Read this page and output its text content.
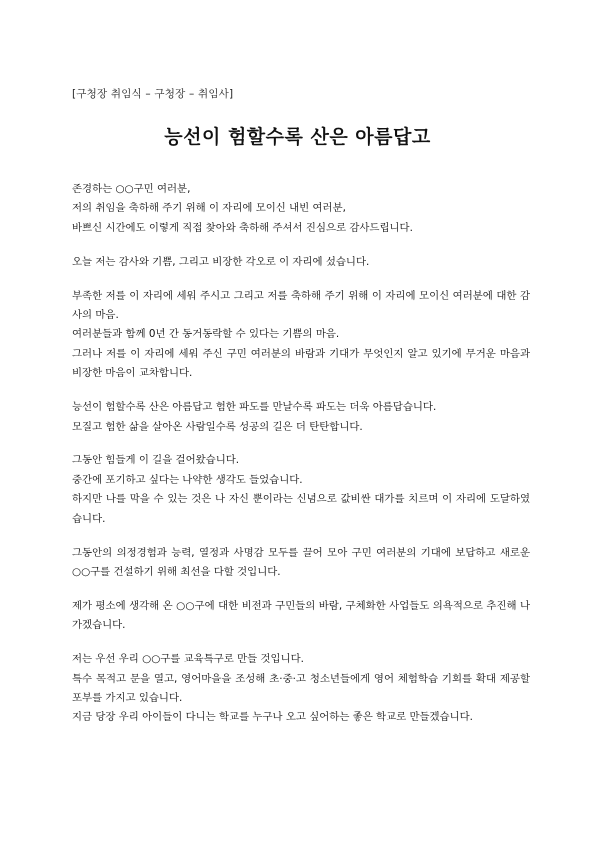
[구청장 취임식 – 구청장 – 취임사]
능선이 험할수록 산은 아름답고
존경하는 ○○구민 여러분,
저의 취임을 축하해 주기 위해 이 자리에 모이신 내빈 여러분,
바쁘신 시간에도 이렇게 직접 찾아와 축하해 주셔서 진심으로 감사드립니다.
오늘 저는 감사와 기쁨, 그리고 비장한 각오로 이 자리에 섰습니다.
부족한 저를 이 자리에 세워 주시고 그리고 저를 축하해 주기 위해 이 자리에 모이신 여러분에 대한 감사의 마음.
여러분들과 함께 0년 간 동거동락할 수 있다는 기쁨의 마음.
그러나 저를 이 자리에 세워 주신 구민 여러분의 바람과 기대가 무엇인지 알고 있기에 무거운 마음과 비장한 마음이 교차합니다.
능선이 험할수록 산은 아름답고 험한 파도를 만날수록 파도는 더욱 아름답습니다.
모질고 험한 삶을 살아온 사람일수록 성공의 길은 더 탄탄합니다.
그동안 힘들게 이 길을 걸어왔습니다.
중간에 포기하고 싶다는 나약한 생각도 들었습니다.
하지만 나를 막을 수 있는 것은 나 자신 뿐이라는 신념으로 값비싼 대가를 치르며 이 자리에 도달하였습니다.
그동안의 의정경험과 능력, 열정과 사명감 모두를 끌어 모아 구민 여러분의 기대에 보답하고 새로운 ○○구를 건설하기 위해 최선을 다할 것입니다.
제가 평소에 생각해 온 ○○구에 대한 비전과 구민들의 바람, 구체화한 사업들도 의욕적으로 추진해 나가겠습니다.
저는 우선 우리 ○○구를 교육특구로 만들 것입니다.
특수 목적고 문을 열고, 영어마을을 조성해 초·중·고 청소년들에게 영어 체험학습 기회를 확대 제공할 포부를 가지고 있습니다.
지금 당장 우리 아이들이 다니는 학교를 누구나 오고 싶어하는 좋은 학교로 만들겠습니다.
